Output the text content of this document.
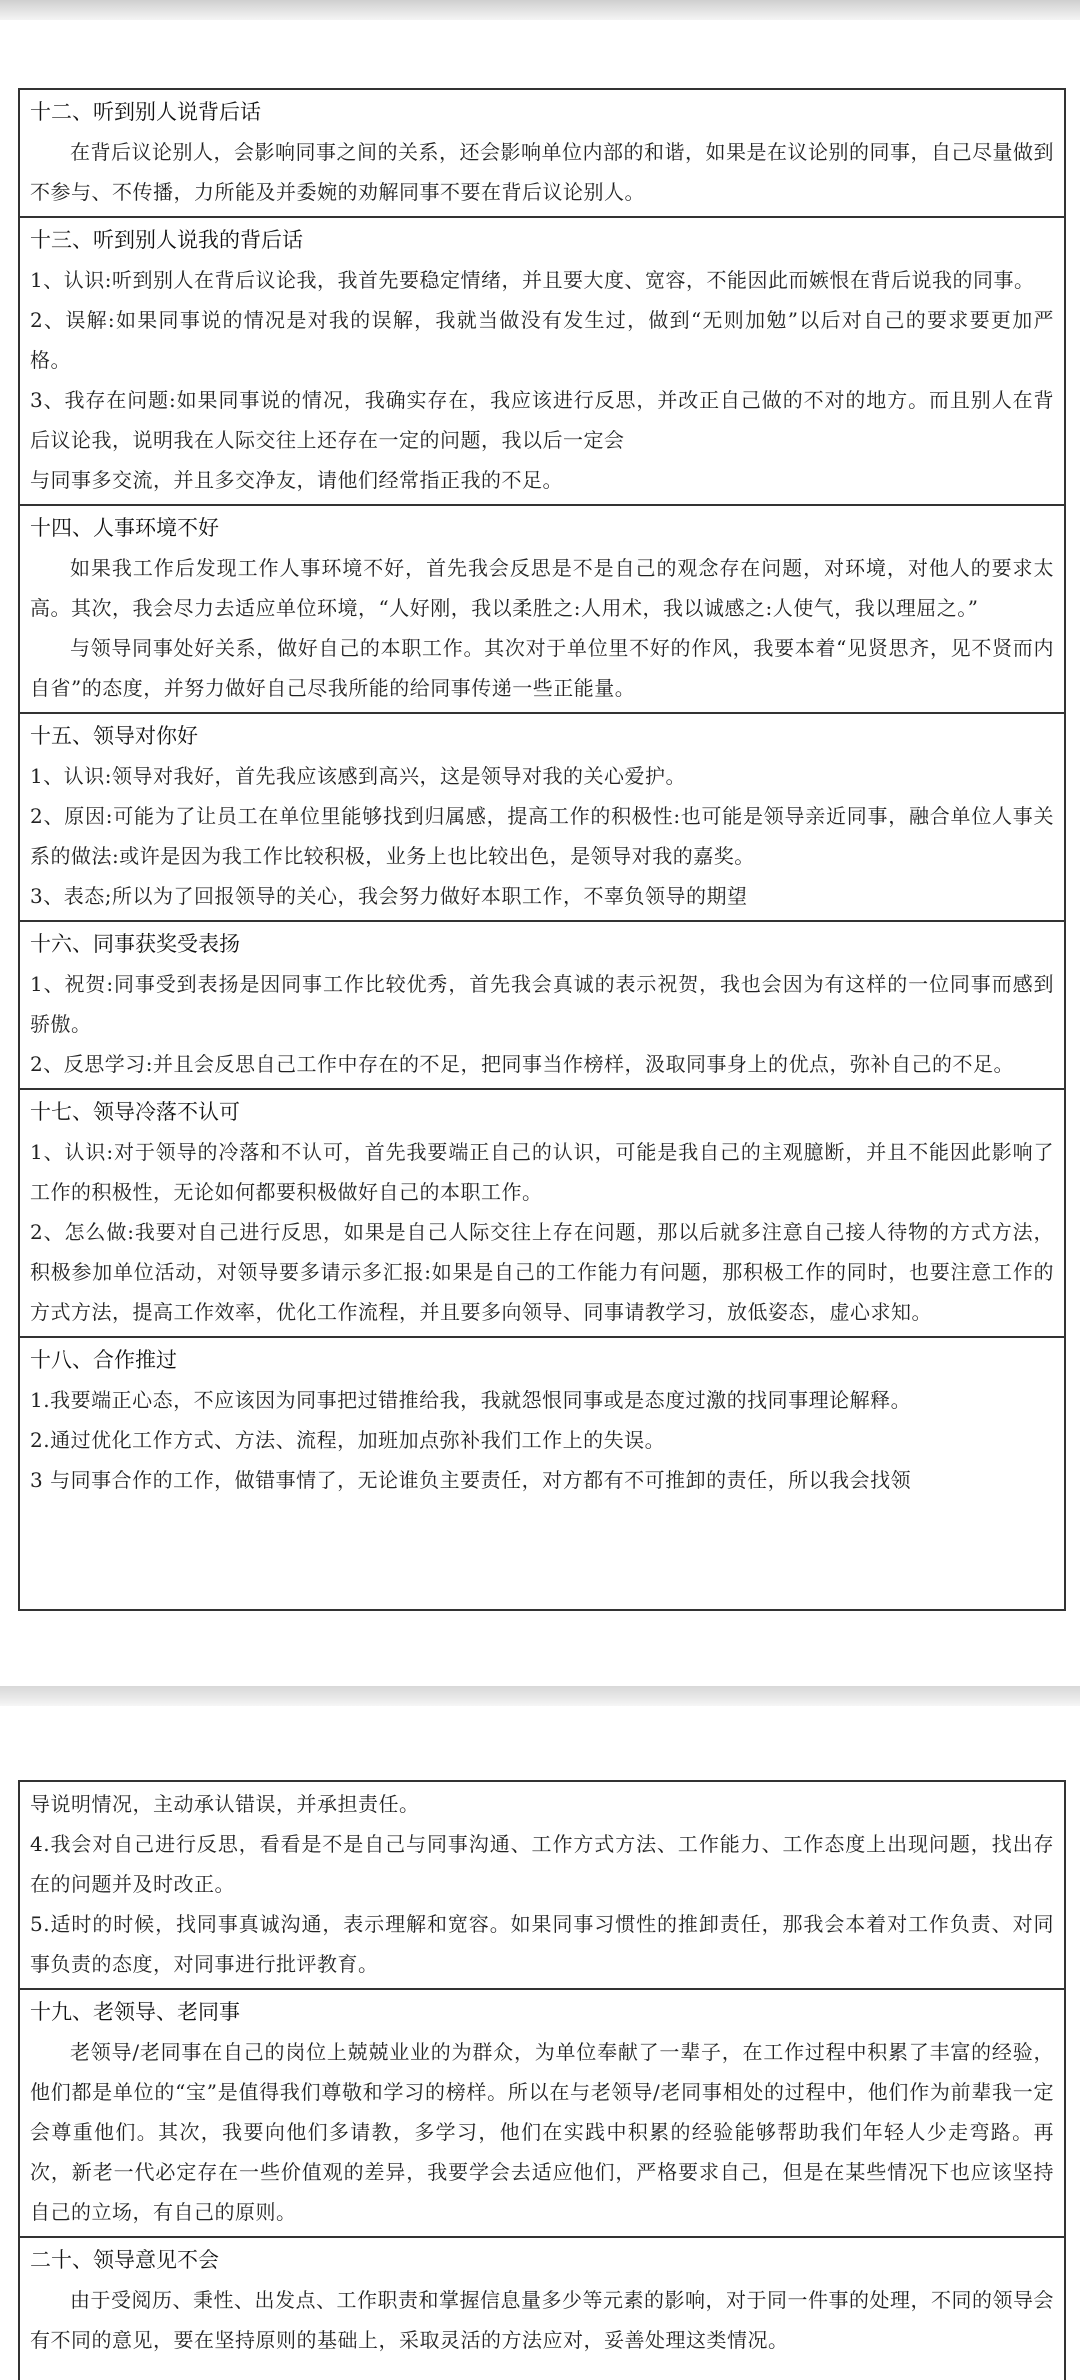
十二、听到别人说背后话
在背后议论别人，会影响同事之间的关系，还会影响单位内部的和谐，如果是在议论别的同事，自己尽量做到不参与、不传播，力所能及并委婉的劝解同事不要在背后议论别人。
十三、听到别人说我的背后话
1、认识:听到别人在背后议论我，我首先要稳定情绪，并且要大度、宽容，不能因此而嫉恨在背后说我的同事。
2、误解:如果同事说的情况是对我的误解，我就当做没有发生过，做到“无则加勉”以后对自己的要求要更加严格。
3、我存在问题:如果同事说的情况，我确实存在，我应该进行反思，并改正自己做的不对的地方。而且别人在背后议论我，说明我在人际交往上还存在一定的问题，我以后一定会
与同事多交流，并且多交净友，请他们经常指正我的不足。
十四、人事环境不好
如果我工作后发现工作人事环境不好，首先我会反思是不是自己的观念存在问题，对环境，对他人的要求太高。其次，我会尽力去适应单位环境，“人好刚，我以柔胜之:人用术，我以诚感之:人使气，我以理屈之。”
与领导同事处好关系，做好自己的本职工作。其次对于单位里不好的作风，我要本着“见贤思齐，见不贤而内自省”的态度，并努力做好自己尽我所能的给同事传递一些正能量。
十五、领导对你好
1、认识:领导对我好，首先我应该感到高兴，这是领导对我的关心爱护。
2、原因:可能为了让员工在单位里能够找到归属感，提高工作的积极性:也可能是领导亲近同事，融合单位人事关系的做法:或许是因为我工作比较积极，业务上也比较出色，是领导对我的嘉奖。
3、表态;所以为了回报领导的关心，我会努力做好本职工作，不辜负领导的期望
十六、同事获奖受表扬
1、祝贺:同事受到表扬是因同事工作比较优秀，首先我会真诚的表示祝贺，我也会因为有这样的一位同事而感到骄傲。
2、反思学习:并且会反思自己工作中存在的不足，把同事当作榜样，汲取同事身上的优点，弥补自己的不足。
十七、领导冷落不认可
1、认识:对于领导的冷落和不认可，首先我要端正自己的认识，可能是我自己的主观臆断，并且不能因此影响了工作的积极性，无论如何都要积极做好自己的本职工作。
2、怎么做:我要对自己进行反思，如果是自己人际交往上存在问题，那以后就多注意自己接人待物的方式方法，积极参加单位活动，对领导要多请示多汇报:如果是自己的工作能力有问题，那积极工作的同时，也要注意工作的方式方法，提高工作效率，优化工作流程，并且要多向领导、同事请教学习，放低姿态，虚心求知。
十八、合作推过
1.我要端正心态，不应该因为同事把过错推给我，我就怨恨同事或是态度过激的找同事理论解释。
2.通过优化工作方式、方法、流程，加班加点弥补我们工作上的失误。
3 与同事合作的工作，做错事情了，无论谁负主要责任，对方都有不可推卸的责任，所以我会找领
导说明情况，主动承认错误，并承担责任。
4.我会对自己进行反思，看看是不是自己与同事沟通、工作方式方法、工作能力、工作态度上出现问题，找出存在的问题并及时改正。
5.适时的时候，找同事真诚沟通，表示理解和宽容。如果同事习惯性的推卸责任，那我会本着对工作负责、对同事负责的态度，对同事进行批评教育。
十九、老领导、老同事
老领导/老同事在自己的岗位上兢兢业业的为群众，为单位奉献了一辈子，在工作过程中积累了丰富的经验，他们都是单位的“宝”是值得我们尊敬和学习的榜样。所以在与老领导/老同事相处的过程中，他们作为前辈我一定会尊重他们。其次，我要向他们多请教，多学习，他们在实践中积累的经验能够帮助我们年轻人少走弯路。再次，新老一代必定存在一些价值观的差异，我要学会去适应他们，严格要求自己，但是在某些情况下也应该坚持自己的立场，有自己的原则。
二十、领导意见不会
由于受阅历、秉性、出发点、工作职责和掌握信息量多少等元素的影响，对于同一件事的处理，不同的领导会有不同的意见，要在坚持原则的基础上，采取灵活的方法应对，妥善处理这类情况。
